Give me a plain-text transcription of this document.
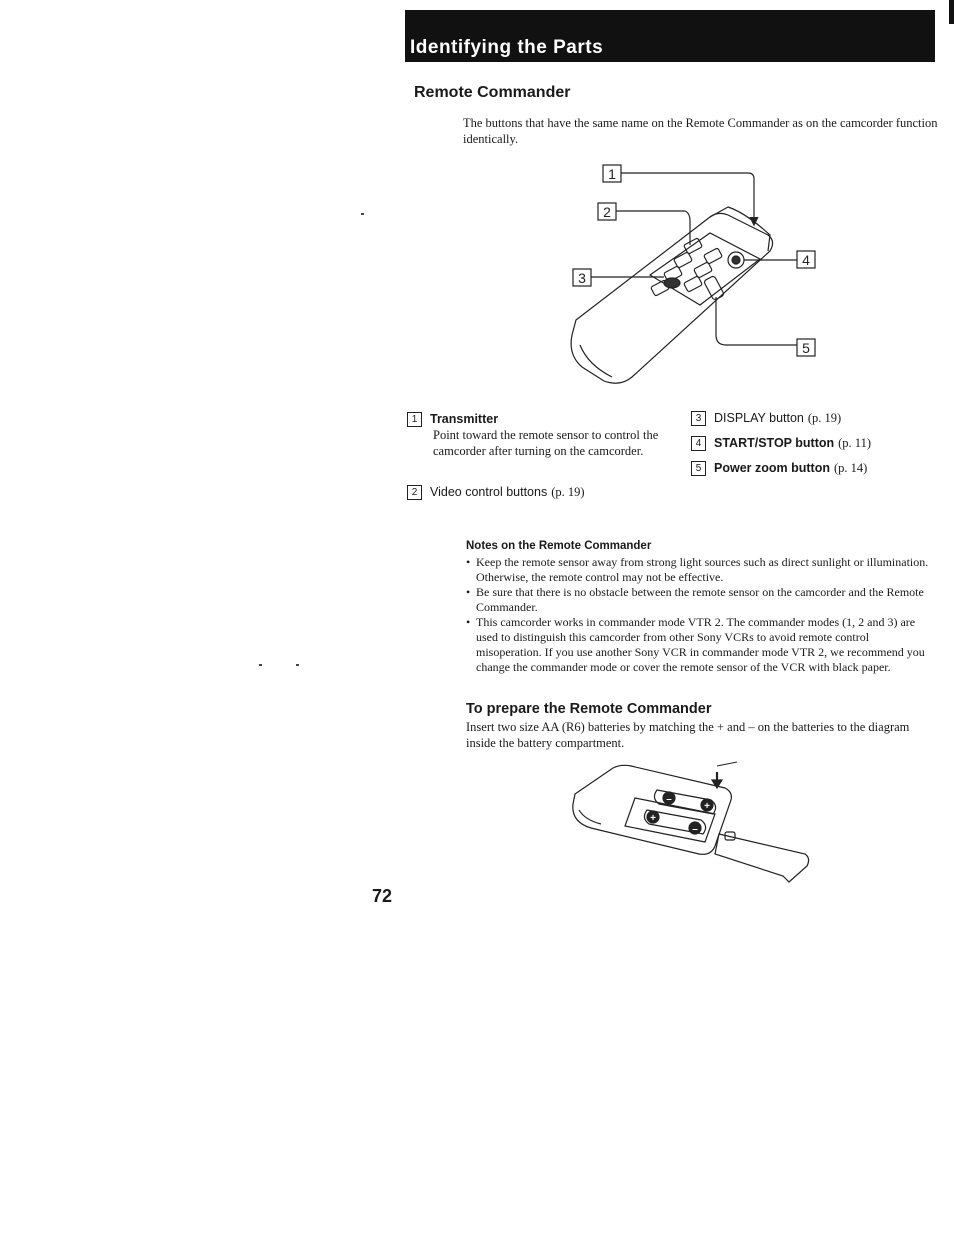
Identifying the Parts
Remote Commander
The buttons that have the same name on the Remote Commander as on the camcorder function identically.
1
2
3
4
5
1 Transmitter
Point toward the remote sensor to control the camcorder after turning on the camcorder.
2 Video control buttons (p. 19)
3 DISPLAY button (p. 19)
4 START/STOP button (p. 11)
5 Power zoom button (p. 14)
Notes on the Remote Commander
• Keep the remote sensor away from strong light sources such as direct sunlight or illumination. Otherwise, the remote control may not be effective.
• Be sure that there is no obstacle between the remote sensor on the camcorder and the Remote Commander.
• This camcorder works in commander mode VTR 2. The commander modes (1, 2 and 3) are used to distinguish this camcorder from other Sony VCRs to avoid remote control misoperation. If you use another Sony VCR in commander mode VTR 2, we recommend you change the commander mode or cover the remote sensor of the VCR with black paper.
To prepare the Remote Commander
Insert two size AA (R6) batteries by matching the + and – on the batteries to the diagram inside the battery compartment.
–
+
+
–
72
